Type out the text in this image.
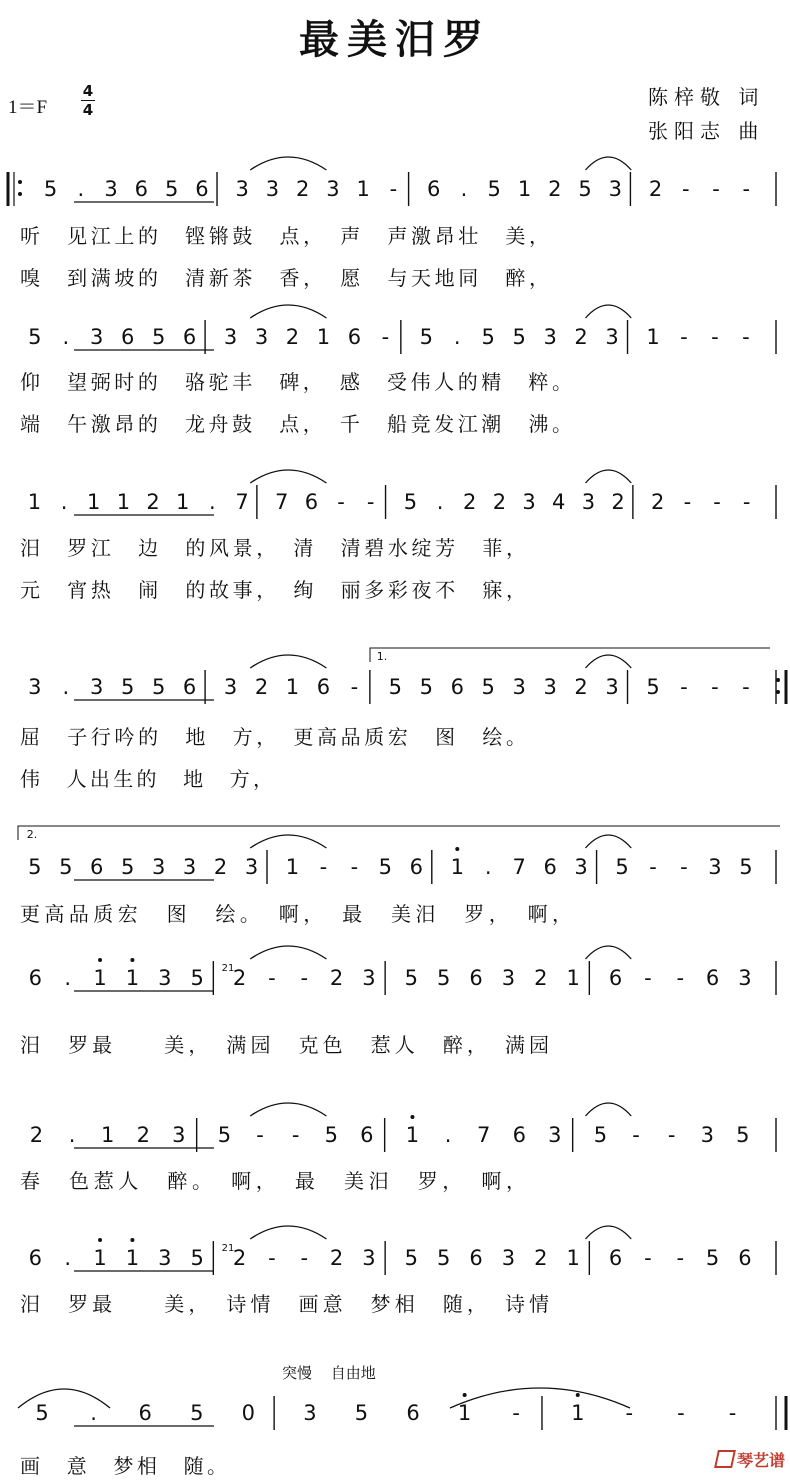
最美汨罗
1＝F
4
4
陈梓敬 词
张阳志 曲
突慢 自由地
琴艺谱
5 . 3 6 5 6 3 3 2 3 1 - 6 . 5 1 2 5 3 2 - - -
听　见江上的　铿锵鼓　点，　声　声激昂壮　美，
嗅　到满坡的　清新茶　香，　愿　与天地同　醉，
5 . 3 6 5 6 3 3 2 1 6 - 5 . 5 5 3 2 3 1 - - -
仰　望弼时的　骆驼丰　碑，　感　受伟人的精　粹。
端　午激昂的　龙舟鼓　点，　千　船竞发江潮　沸。
1 . 1 1 2 1 . 7 7 6 - - 5 . 2 2 3 4 3 2 2 - - -
汨　罗江　边　的风景，　清　清碧水绽芳　菲，
元　宵热　闹　的故事，　绚　丽多彩夜不　寐，
3 . 3 5 5 6 3 2 1 6 - 5 5 6 5 3 3 2 3 5 - - -
1.
屈　子行吟的　地　方，　更高品质宏　图　绘。
伟　人出生的　地　方，
5 5 6 5 3 3 2 3 1 - - 5 6 1 . 7 6 3 5 - - 3 5
2.
更高品质宏　图　绘。　啊，　最　美汨　罗，　啊，
6 . 1 1 3 5 2 - - 2 3 5 5 6 3 2 1 6 - - 6 3
21
汨　罗最　　美，　满园　克色　惹人　醉，　满园
2 . 1 2 3 5 - - 5 6 1 . 7 6 3 5 - - 3 5
春　色惹人　醉。　啊，　最　美汨　罗，　啊，
6 . 1 1 3 5 2 - - 2 3 5 5 6 3 2 1 6 - - 5 6
21
汨　罗最　　美，　诗情　画意　梦相　随，　诗情
5 . 6 5 0 3 5 6 1 - 1 - - -
画　意　梦相　随。
